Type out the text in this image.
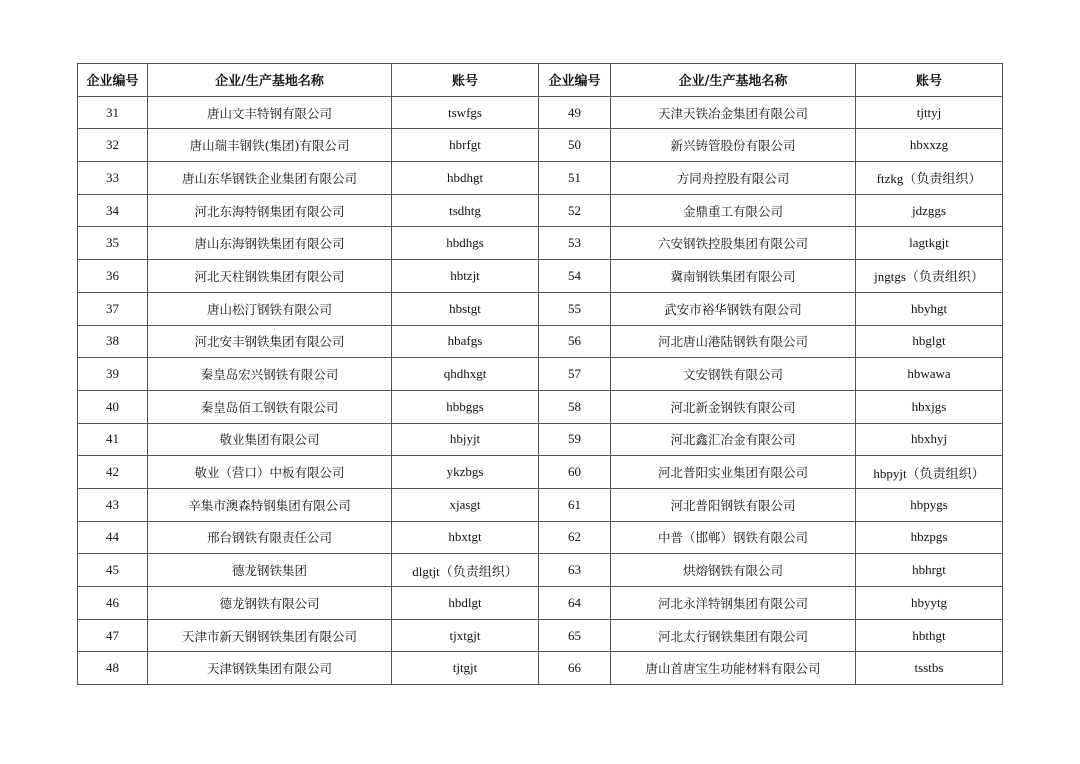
企业编号	企业/生产基地名称	账号	企业编号	企业/生产基地名称	账号
31	唐山文丰特钢有限公司	tswfgs	49	天津天铁冶金集团有限公司	tjttyj
32	唐山瑞丰钢铁(集团)有限公司	hbrfgt	50	新兴铸管股份有限公司	hbxxzg
33	唐山东华钢铁企业集团有限公司	hbdhgt	51	方同舟控股有限公司	ftzkg（负责组织）
34	河北东海特钢集团有限公司	tsdhtg	52	金鼎重工有限公司	jdzggs
35	唐山东海钢铁集团有限公司	hbdhgs	53	六安钢铁控股集团有限公司	lagtkgjt
36	河北天柱钢铁集团有限公司	hbtzjt	54	冀南钢铁集团有限公司	jngtgs（负责组织）
37	唐山松汀钢铁有限公司	hbstgt	55	武安市裕华钢铁有限公司	hbyhgt
38	河北安丰钢铁集团有限公司	hbafgs	56	河北唐山港陆钢铁有限公司	hbglgt
39	秦皇岛宏兴钢铁有限公司	qhdhxgt	57	文安钢铁有限公司	hbwawa
40	秦皇岛佰工钢铁有限公司	hbbggs	58	河北新金钢铁有限公司	hbxjgs
41	敬业集团有限公司	hbjyjt	59	河北鑫汇冶金有限公司	hbxhyj
42	敬业（营口）中板有限公司	ykzbgs	60	河北普阳实业集团有限公司	hbpyjt（负责组织）
43	辛集市澳森特钢集团有限公司	xjasgt	61	河北普阳钢铁有限公司	hbpygs
44	邢台钢铁有限责任公司	hbxtgt	62	中普（邯郸）钢铁有限公司	hbzpgs
45	德龙钢铁集团	dlgtjt（负责组织）	63	烘熔钢铁有限公司	hbhrgt
46	德龙钢铁有限公司	hbdlgt	64	河北永洋特钢集团有限公司	hbyytg
47	天津市新天钢钢铁集团有限公司	tjxtgjt	65	河北太行钢铁集团有限公司	hbthgt
48	天津钢铁集团有限公司	tjtgjt	66	唐山首唐宝生功能材料有限公司	tsstbs
